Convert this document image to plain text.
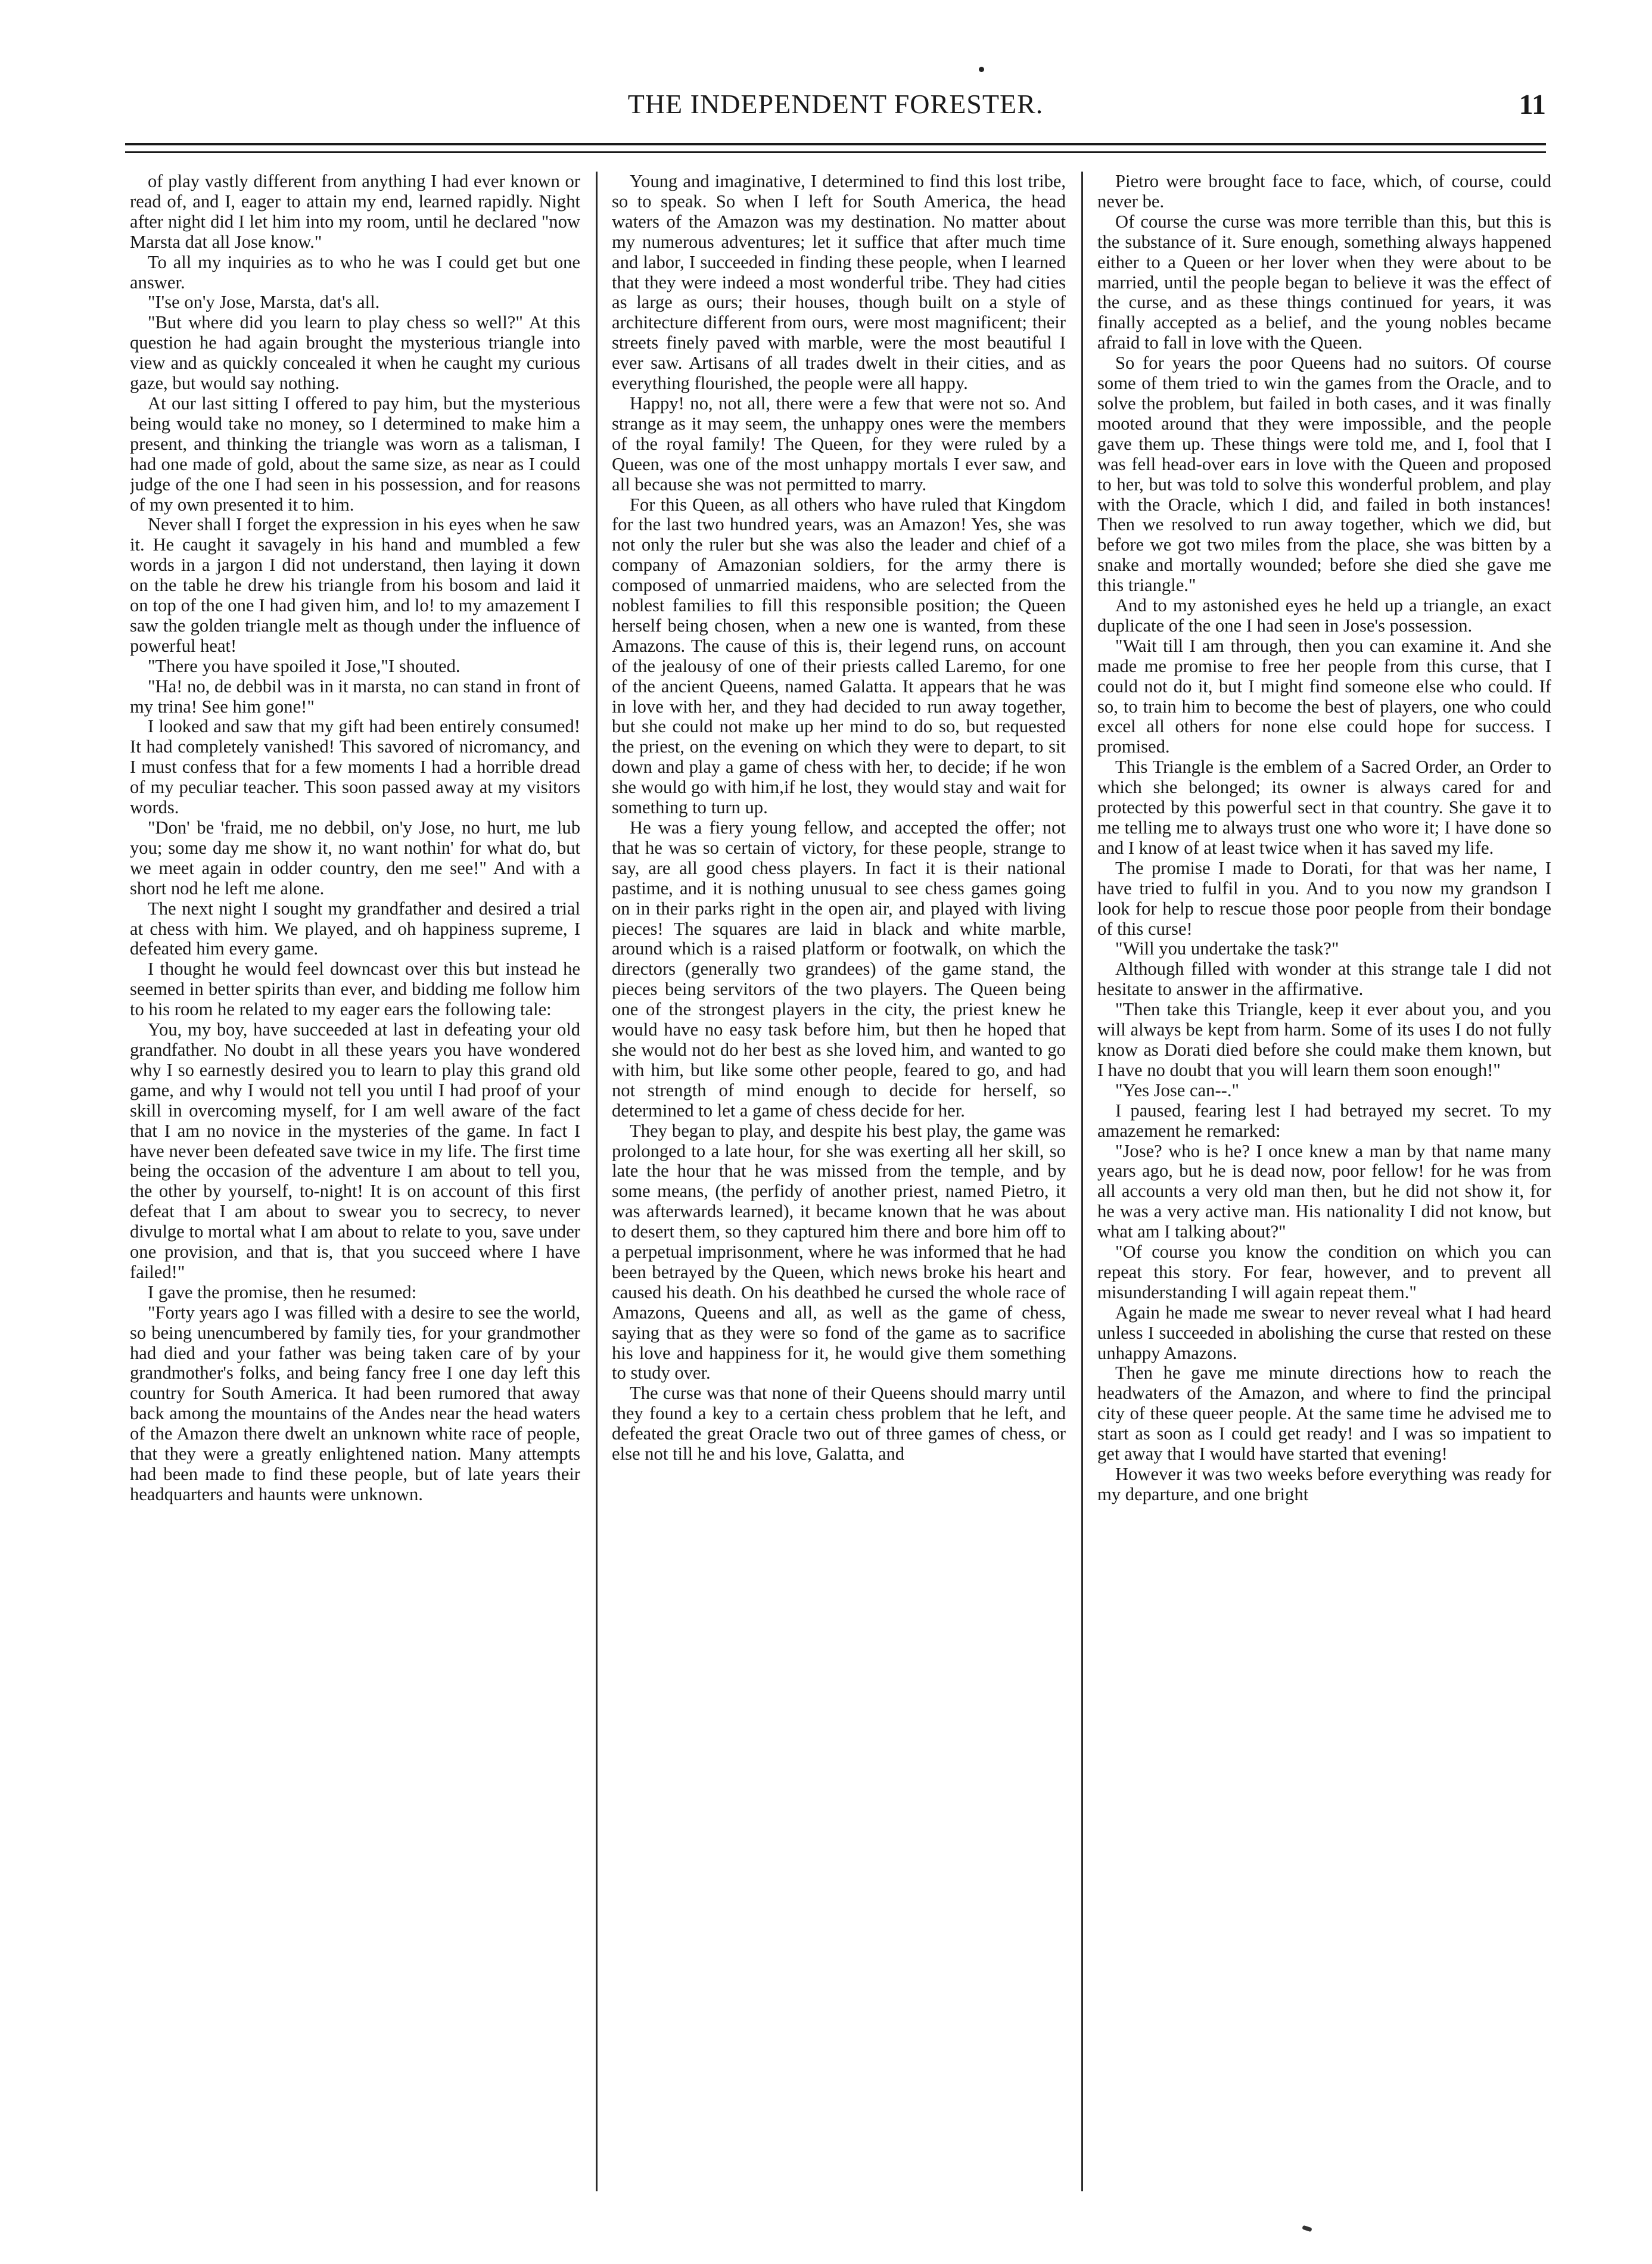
THE INDEPENDENT FORESTER.	11

of play vastly different from anything I had ever known or read of, and I, eager to attain my end, learned rapidly. Night after night did I let him into my room, until he declared "now Marsta dat all Jose know."

To all my inquiries as to who he was I could get but one answer.

"I'se on'y Jose, Marsta, dat's all.

"But where did you learn to play chess so well?" At this question he had again brought the mysterious triangle into view and as quickly concealed it when he caught my curious gaze, but would say nothing.

At our last sitting I offered to pay him, but the mysterious being would take no money, so I determined to make him a present, and thinking the triangle was worn as a talisman, I had one made of gold, about the same size, as near as I could judge of the one I had seen in his possession, and for reasons of my own presented it to him.

Never shall I forget the expression in his eyes when he saw it. He caught it savagely in his hand and mumbled a few words in a jargon I did not understand, then laying it down on the table he drew his triangle from his bosom and laid it on top of the one I had given him, and lo! to my amazement I saw the golden triangle melt as though under the influence of powerful heat!

"There you have spoiled it Jose,"I shouted.

"Ha! no, de debbil was in it marsta, no can stand in front of my trina! See him gone!"

I looked and saw that my gift had been entirely consumed! It had completely vanished! This savored of nicromancy, and I must confess that for a few moments I had a horrible dread of my peculiar teacher. This soon passed away at my visitors words.

"Don' be 'fraid, me no debbil, on'y Jose, no hurt, me lub you; some day me show it, no want nothin' for what do, but we meet again in odder country, den me see!" And with a short nod he left me alone.

The next night I sought my grandfather and desired a trial at chess with him. We played, and oh happiness supreme, I defeated him every game.

I thought he would feel downcast over this but instead he seemed in better spirits than ever, and bidding me follow him to his room he related to my eager ears the following tale:

You, my boy, have succeeded at last in defeating your old grandfather. No doubt in all these years you have wondered why I so earnestly desired you to learn to play this grand old game, and why I would not tell you until I had proof of your skill in overcoming myself, for I am well aware of the fact that I am no novice in the mysteries of the game. In fact I have never been defeated save twice in my life. The first time being the occasion of the adventure I am about to tell you, the other by yourself, to-night! It is on account of this first defeat that I am about to swear you to secrecy, to never divulge to mortal what I am about to relate to you, save under one provision, and that is, that you succeed where I have failed!"

I gave the promise, then he resumed:

"Forty years ago I was filled with a desire to see the world, so being unencumbered by family ties, for your grandmother had died and your father was being taken care of by your grandmother's folks, and being fancy free I one day left this country for South America. It had been rumored that away back among the mountains of the Andes near the head waters of the Amazon there dwelt an unknown white race of people, that they were a greatly enlightened nation. Many attempts had been made to find these people, but of late years their headquarters and haunts were unknown.

Young and imaginative, I determined to find this lost tribe, so to speak. So when I left for South America, the head waters of the Amazon was my destination. No matter about my numerous adventures; let it suffice that after much time and labor, I succeeded in finding these people, when I learned that they were indeed a most wonderful tribe. They had cities as large as ours; their houses, though built on a style of architecture different from ours, were most magnificent; their streets finely paved with marble, were the most beautiful I ever saw. Artisans of all trades dwelt in their cities, and as everything flourished, the people were all happy.

Happy! no, not all, there were a few that were not so. And strange as it may seem, the unhappy ones were the members of the royal family! The Queen, for they were ruled by a Queen, was one of the most unhappy mortals I ever saw, and all because she was not permitted to marry.

For this Queen, as all others who have ruled that Kingdom for the last two hundred years, was an Amazon! Yes, she was not only the ruler but she was also the leader and chief of a company of Amazonian soldiers, for the army there is composed of unmarried maidens, who are selected from the noblest families to fill this responsible position; the Queen herself being chosen, when a new one is wanted, from these Amazons. The cause of this is, their legend runs, on account of the jealousy of one of their priests called Laremo, for one of the ancient Queens, named Galatta. It appears that he was in love with her, and they had decided to run away together, but she could not make up her mind to do so, but requested the priest, on the evening on which they were to depart, to sit down and play a game of chess with her, to decide; if he won she would go with him,if he lost, they would stay and wait for something to turn up.

He was a fiery young fellow, and accepted the offer; not that he was so certain of victory, for these people, strange to say, are all good chess players. In fact it is their national pastime, and it is nothing unusual to see chess games going on in their parks right in the open air, and played with living pieces! The squares are laid in black and white marble, around which is a raised platform or footwalk, on which the directors (generally two grandees) of the game stand, the pieces being servitors of the two players. The Queen being one of the strongest players in the city, the priest knew he would have no easy task before him, but then he hoped that she would not do her best as she loved him, and wanted to go with him, but like some other people, feared to go, and had not strength of mind enough to decide for herself, so determined to let a game of chess decide for her.

They began to play, and despite his best play, the game was prolonged to a late hour, for she was exerting all her skill, so late the hour that he was missed from the temple, and by some means, (the perfidy of another priest, named Pietro, it was afterwards learned), it became known that he was about to desert them, so they captured him there and bore him off to a perpetual imprisonment, where he was informed that he had been betrayed by the Queen, which news broke his heart and caused his death. On his deathbed he cursed the whole race of Amazons, Queens and all, as well as the game of chess, saying that as they were so fond of the game as to sacrifice his love and happiness for it, he would give them something to study over.

The curse was that none of their Queens should marry until they found a key to a certain chess problem that he left, and defeated the great Oracle two out of three games of chess, or else not till he and his love, Galatta, and

Pietro were brought face to face, which, of course, could never be.

Of course the curse was more terrible than this, but this is the substance of it. Sure enough, something always happened either to a Queen or her lover when they were about to be married, until the people began to believe it was the effect of the curse, and as these things continued for years, it was finally accepted as a belief, and the young nobles became afraid to fall in love with the Queen.

So for years the poor Queens had no suitors. Of course some of them tried to win the games from the Oracle, and to solve the problem, but failed in both cases, and it was finally mooted around that they were impossible, and the people gave them up. These things were told me, and I, fool that I was fell head-over ears in love with the Queen and proposed to her, but was told to solve this wonderful problem, and play with the Oracle, which I did, and failed in both instances! Then we resolved to run away together, which we did, but before we got two miles from the place, she was bitten by a snake and mortally wounded; before she died she gave me this triangle."

And to my astonished eyes he held up a triangle, an exact duplicate of the one I had seen in Jose's possession.

"Wait till I am through, then you can examine it. And she made me promise to free her people from this curse, that I could not do it, but I might find someone else who could. If so, to train him to become the best of players, one who could excel all others for none else could hope for success. I promised.

This Triangle is the emblem of a Sacred Order, an Order to which she belonged; its owner is always cared for and protected by this powerful sect in that country. She gave it to me telling me to always trust one who wore it; I have done so and I know of at least twice when it has saved my life.

The promise I made to Dorati, for that was her name, I have tried to fulfil in you. And to you now my grandson I look for help to rescue those poor people from their bondage of this curse!

"Will you undertake the task?"

Although filled with wonder at this strange tale I did not hesitate to answer in the affirmative.

"Then take this Triangle, keep it ever about you, and you will always be kept from harm. Some of its uses I do not fully know as Dorati died before she could make them known, but I have no doubt that you will learn them soon enough!"

"Yes Jose can--."

I paused, fearing lest I had betrayed my secret. To my amazement he remarked:

"Jose? who is he? I once knew a man by that name many years ago, but he is dead now, poor fellow! for he was from all accounts a very old man then, but he did not show it, for he was a very active man. His nationality I did not know, but what am I talking about?"

"Of course you know the condition on which you can repeat this story. For fear, however, and to prevent all misunderstanding I will again repeat them."

Again he made me swear to never reveal what I had heard unless I succeeded in abolishing the curse that rested on these unhappy Amazons.

Then he gave me minute directions how to reach the headwaters of the Amazon, and where to find the principal city of these queer people. At the same time he advised me to start as soon as I could get ready! and I was so impatient to get away that I would have started that evening!

However it was two weeks before everything was ready for my departure, and one bright
